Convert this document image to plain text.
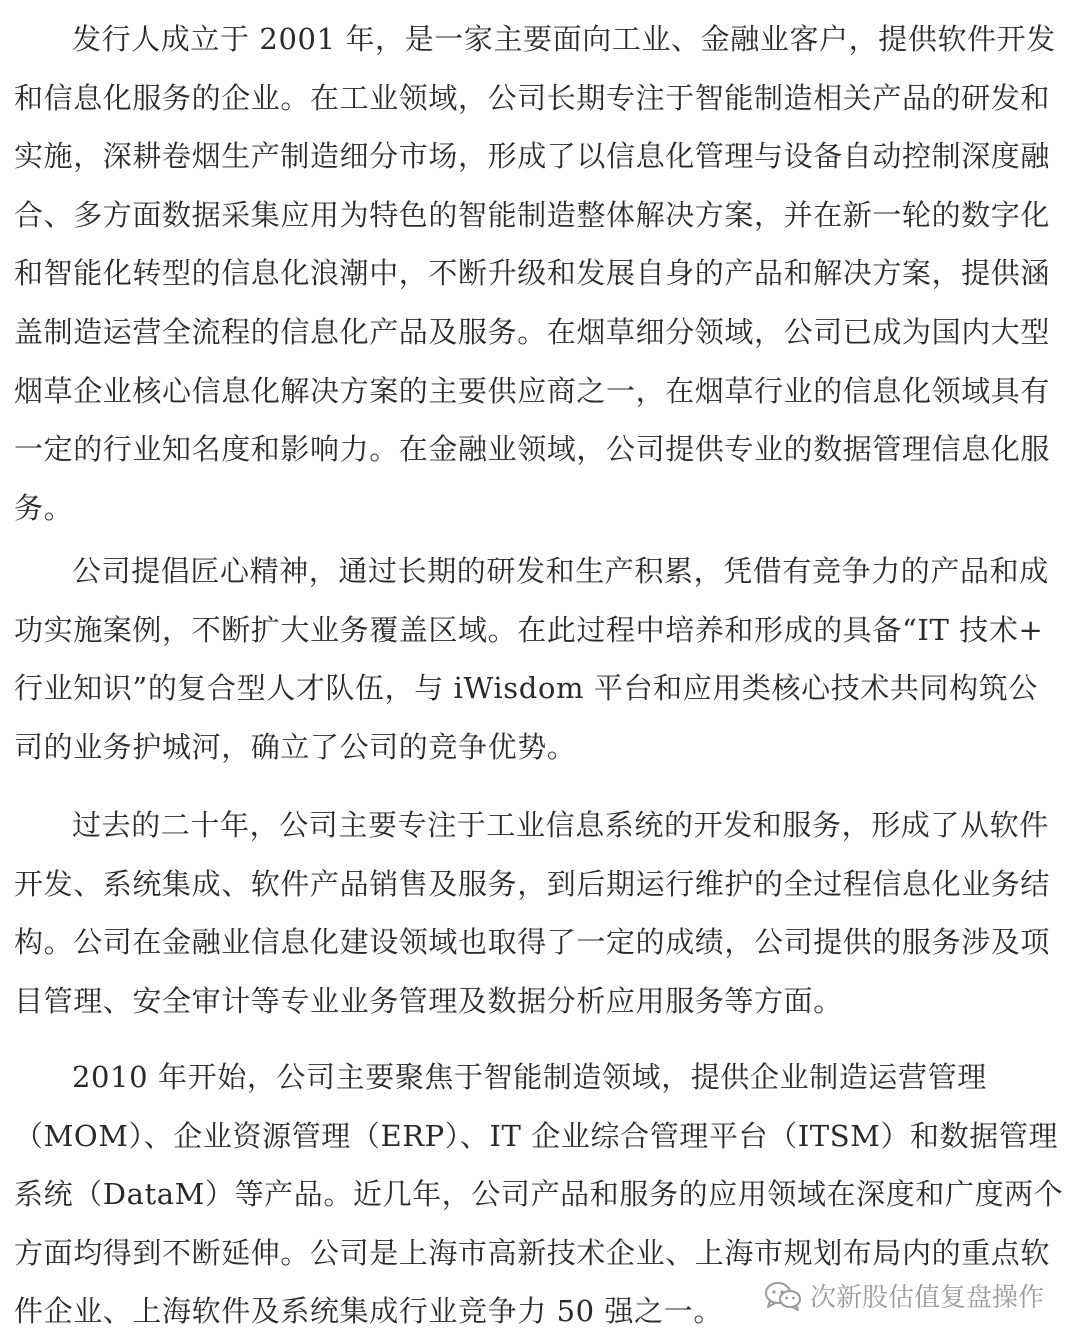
发行人成立于 2001 年，是一家主要面向工业、金融业客户，提供软件开发
和信息化服务的企业。在工业领域，公司长期专注于智能制造相关产品的研发和
实施，深耕卷烟生产制造细分市场，形成了以信息化管理与设备自动控制深度融
合、多方面数据采集应用为特色的智能制造整体解决方案，并在新一轮的数字化
和智能化转型的信息化浪潮中，不断升级和发展自身的产品和解决方案，提供涵
盖制造运营全流程的信息化产品及服务。在烟草细分领域，公司已成为国内大型
烟草企业核心信息化解决方案的主要供应商之一，在烟草行业的信息化领域具有
一定的行业知名度和影响力。在金融业领域，公司提供专业的数据管理信息化服
务。
公司提倡匠心精神，通过长期的研发和生产积累，凭借有竞争力的产品和成
功实施案例，不断扩大业务覆盖区域。在此过程中培养和形成的具备“IT 技术+
行业知识”的复合型人才队伍，与 iWisdom 平台和应用类核心技术共同构筑公
司的业务护城河，确立了公司的竞争优势。
过去的二十年，公司主要专注于工业信息系统的开发和服务，形成了从软件
开发、系统集成、软件产品销售及服务，到后期运行维护的全过程信息化业务结
构。公司在金融业信息化建设领域也取得了一定的成绩，公司提供的服务涉及项
目管理、安全审计等专业业务管理及数据分析应用服务等方面。
2010 年开始，公司主要聚焦于智能制造领域，提供企业制造运营管理
（MOM）、企业资源管理（ERP）、IT 企业综合管理平台（ITSM）和数据管理
系统（DataM）等产品。近几年，公司产品和服务的应用领域在深度和广度两个
方面均得到不断延伸。公司是上海市高新技术企业、上海市规划布局内的重点软
件企业、上海软件及系统集成行业竞争力 50 强之一。	次新股估值复盘操作
